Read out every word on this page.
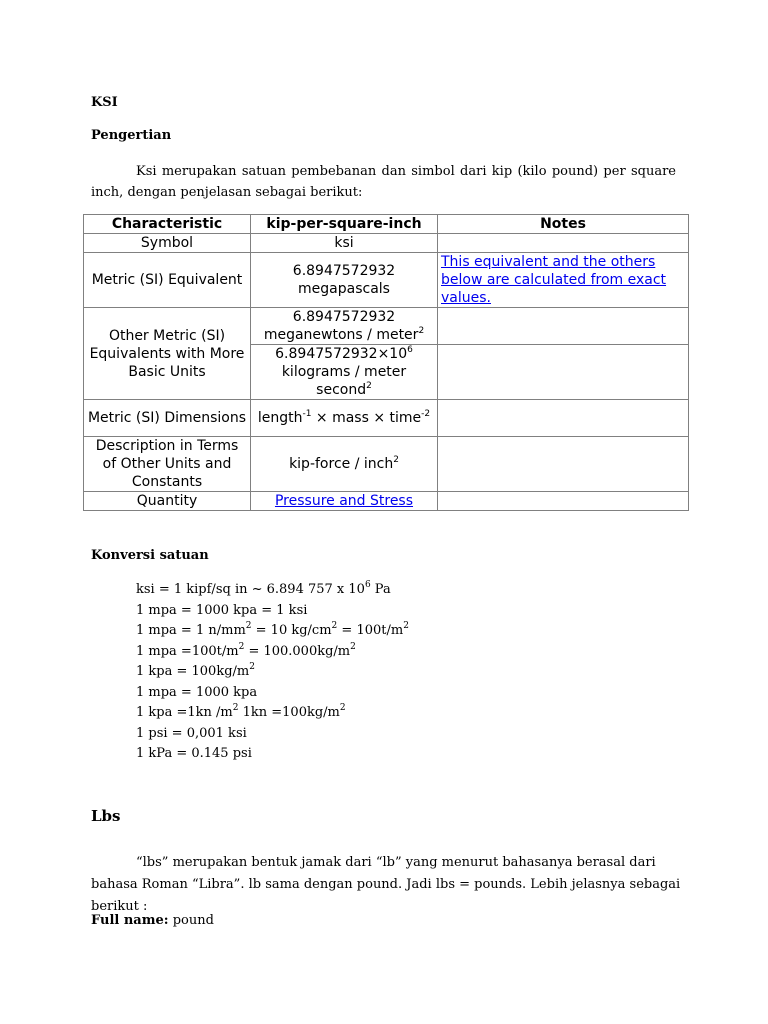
KSI
Pengertian
Ksi merupakan satuan pembebanan dan simbol dari kip (kilo pound) per square inch, dengan penjelasan sebagai berikut:
Characteristic	kip-per-square-inch	Notes
Symbol	ksi	
Metric (SI) Equivalent	6.8947572932 megapascals	This equivalent and the others below are calculated from exact values.
Other Metric (SI) Equivalents with More Basic Units	6.8947572932 meganewtons / meter$^2$	
	$6.8947572932\times 10^6$ kilograms / meter second$^2$	
Metric (SI) Dimensions	length$^{-1}$ × mass × time$^{-2}$	
Description in Terms of Other Units and Constants	kip-force / inch$^2$	
Quantity	Pressure and Stress	
Konversi satuan
ksi = 1 kipf/sq in ~ 6.894 757 x $10^6$ Pa
1 mpa = 1000 kpa = 1 ksi
1 mpa = 1 $n/mm^2 = 10$ $kg/cm^2 = 100t/m^2$
1 mpa $=100t/m^2 = 100.000kg/m^2$
1 kpa = $100kg/m^2$
1 mpa = 1000 kpa
1 kpa =1kn $/m^2$ $1kn =100kg/m^2$
1 psi = 0,001 ksi
1 kPa = 0.145 psi
Lbs
“lbs” merupakan bentuk jamak dari “lb” yang menurut bahasanya berasal dari bahasa Roman “Libra”. lb sama dengan pound. Jadi lbs = pounds. Lebih jelasnya sebagai berikut :
Full name: pound
